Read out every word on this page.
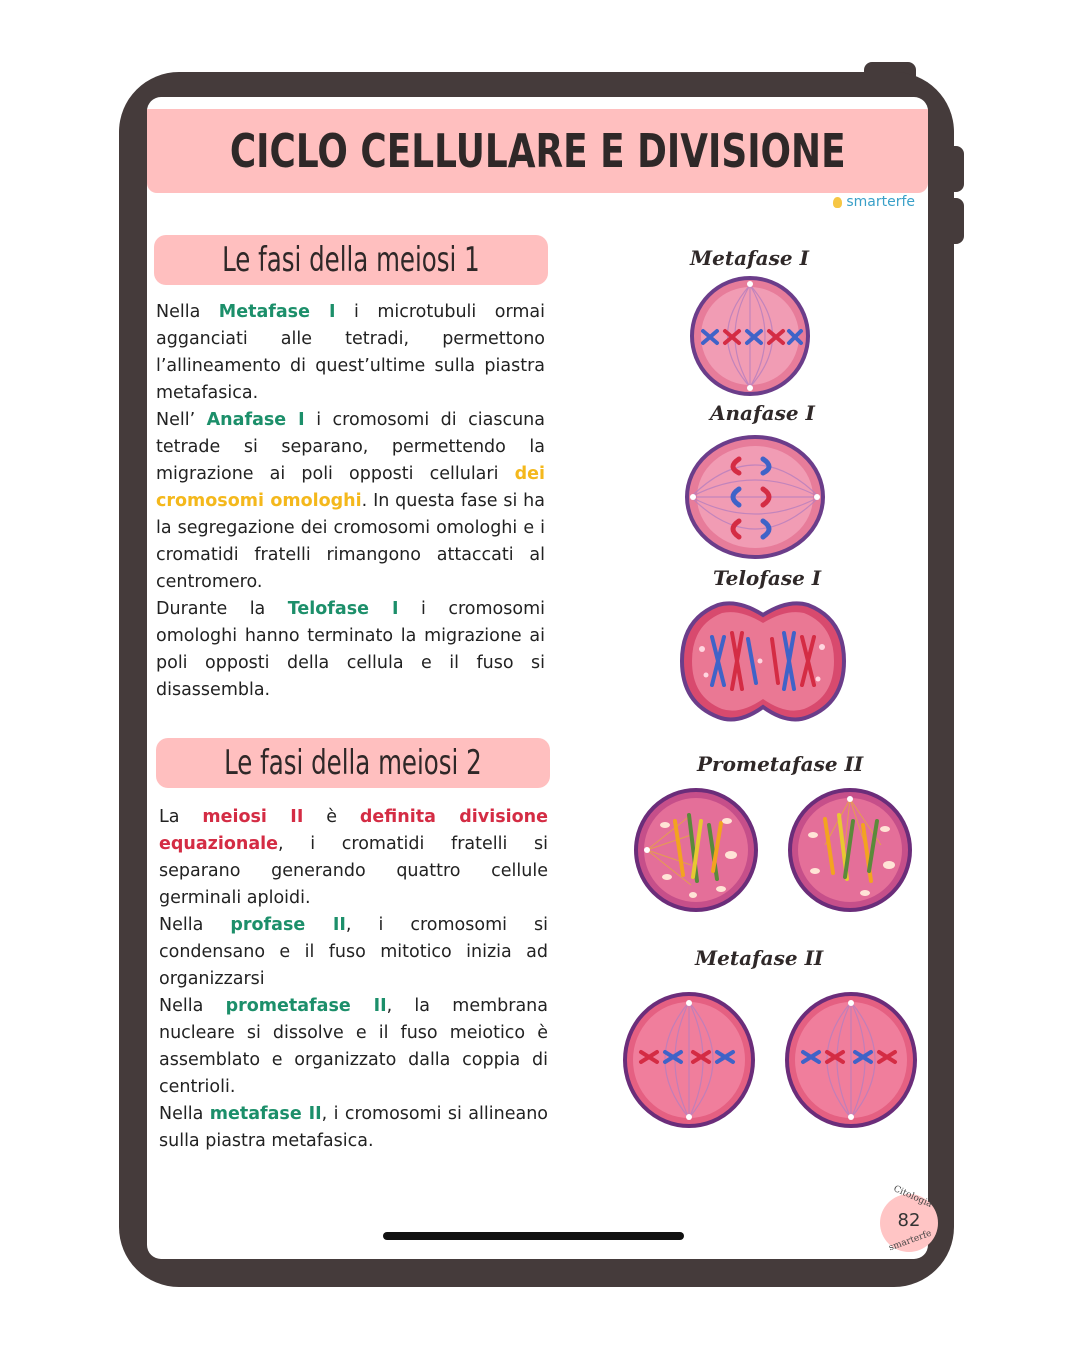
CICLO CELLULARE E DIVISIONE
smarterfe
Le fasi della meiosi 1

Nella Metafase I i microtubuli ormai agganciati alle tetradi, permettono l’allineamento di quest’ultime sulla piastra metafasica.

Nell’ Anafase I i cromosomi di ciascuna tetrade si separano, permettendo la migrazione ai poli opposti cellulari dei cromosomi omologhi. In questa fase si ha la segregazione dei cromosomi omologhi e i cromatidi fratelli rimangono attaccati al centromero.

Durante la Telofase I i cromosomi omologhi hanno terminato la migrazione ai poli opposti della cellula e il fuso si disassembla.

Le fasi della meiosi 2

La meiosi II è definita divisione equazionale, i cromatidi fratelli si separano generando quattro cellule germinali aploidi.

Nella profase II, i cromosomi si condensano e il fuso mitotico inizia ad organizzarsi

Nella prometafase II, la membrana nucleare si dissolve e il fuso meiotico è assemblato e organizzato dalla coppia di centrioli.

Nella metafase II, i cromosomi si allineano sulla piastra metafasica.

Metafase I
Anafase I
Telofase I
Prometafase II
Metafase II
Citologia
82
smarterfe
